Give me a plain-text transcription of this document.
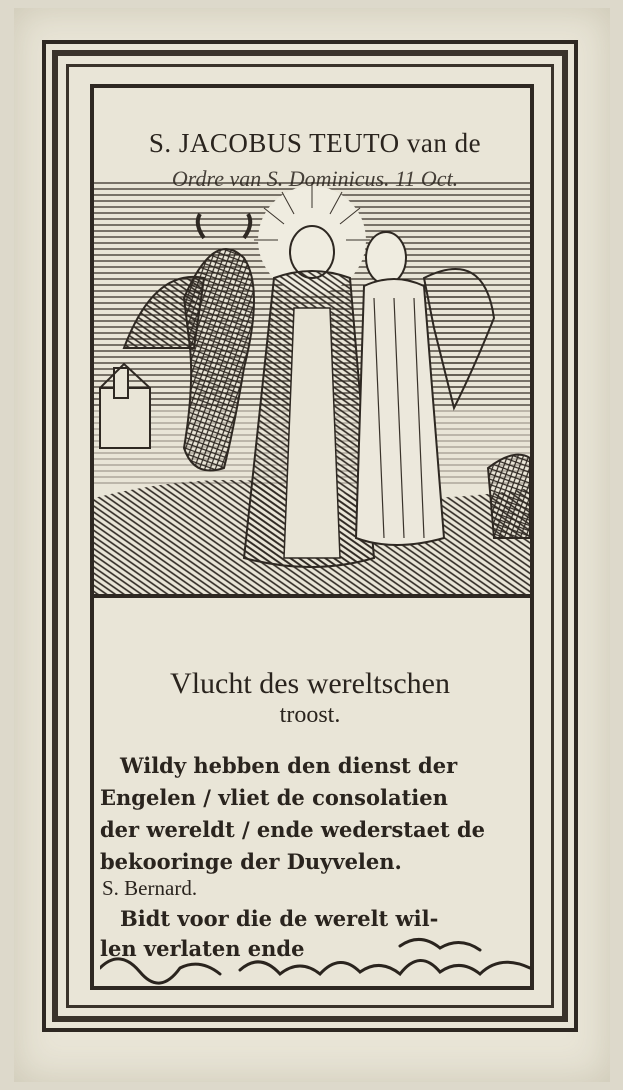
S. JACOBUS TEUTO van de
Ordre van S. Dominicus. 11 Oct.
Vlucht des wereltschen
troost.
Wildy hebben den dienst der
Engelen / vliet de consolatien
der wereldt / ende wederstaet de
bekooringe der Duyvelen.
S. Bernard.
Bidt voor die de werelt wil-
len verlaten ende
